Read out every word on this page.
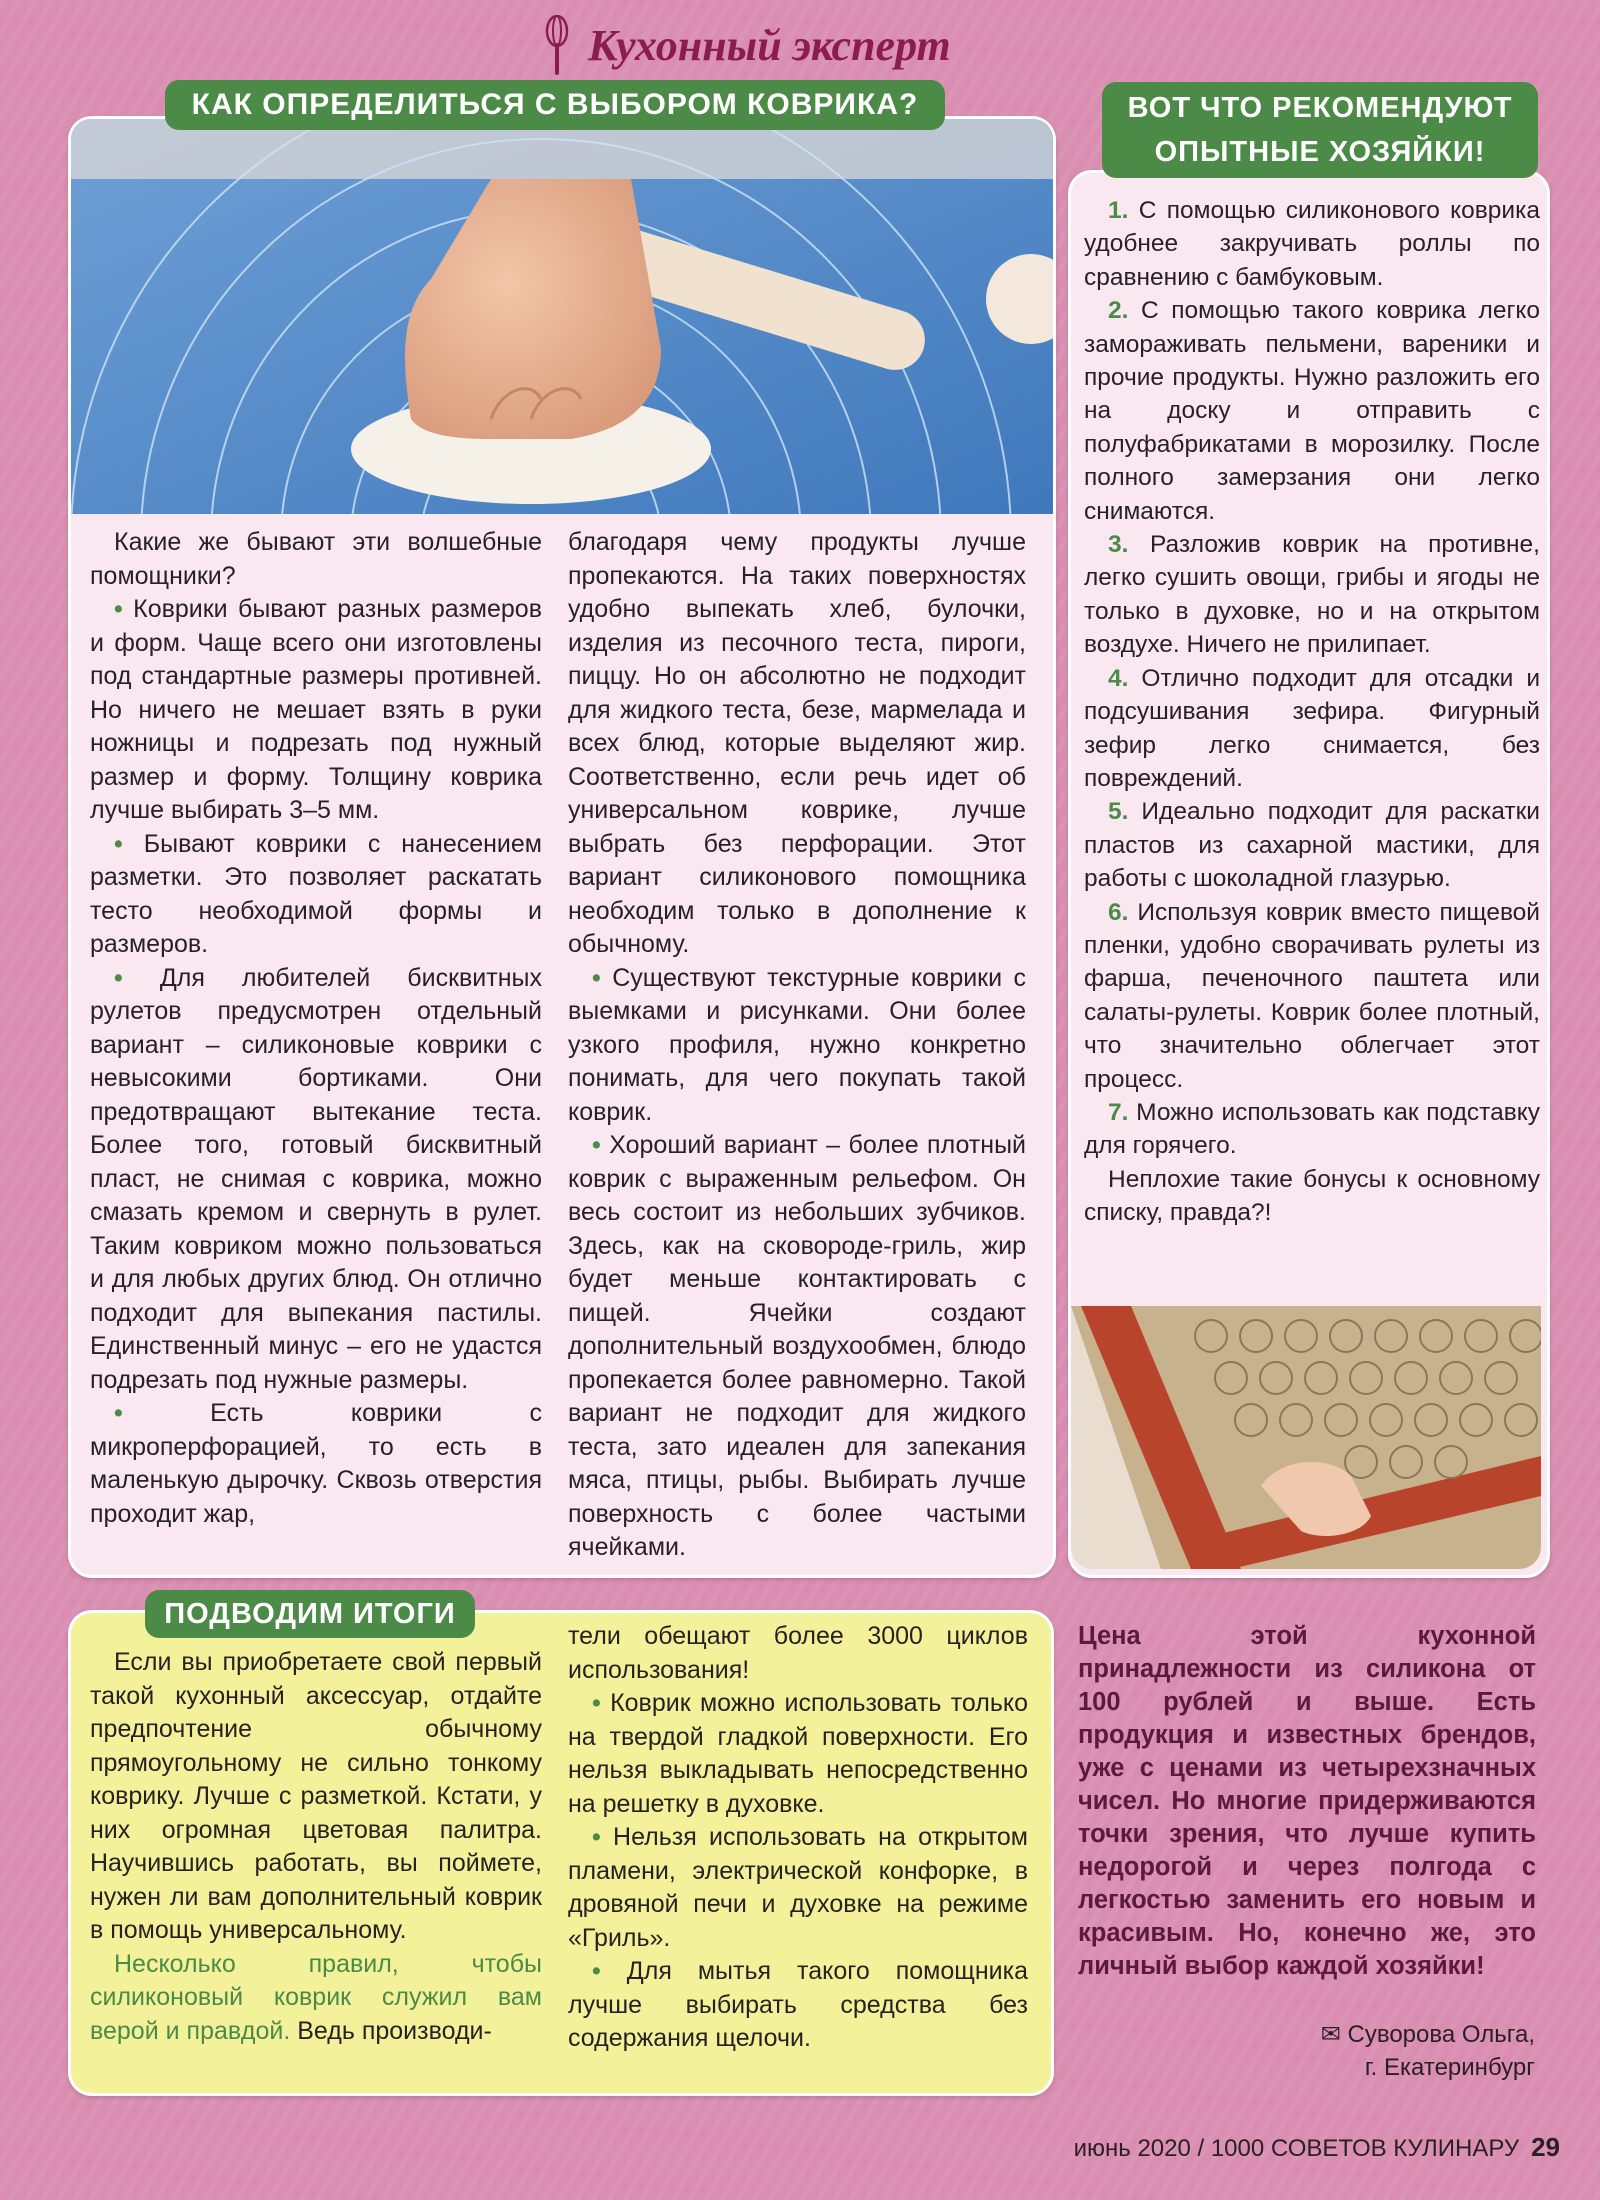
Кухонный эксперт
КАК ОПРЕДЕЛИТЬСЯ С ВЫБОРОМ КОВРИКА?

Какие же бывают эти волшебные помощники?

• Коврики бывают разных размеров и форм. Чаще всего они изготовлены под стандартные размеры противней. Но ничего не мешает взять в руки ножницы и подрезать под нужный размер и форму. Толщину коврика лучше выбирать 3–5 мм.

• Бывают коврики с нанесением разметки. Это позволяет раскатать тесто необходимой формы и размеров.

• Для любителей бисквитных рулетов предусмотрен отдельный вариант – силиконовые коврики с невысокими бортиками. Они предотвращают вытекание теста. Более того, готовый бисквитный пласт, не снимая с коврика, можно смазать кремом и свернуть в рулет. Таким ковриком можно пользоваться и для любых других блюд. Он отлично подходит для выпекания пастилы. Единственный минус – его не удастся подрезать под нужные размеры.

•	Есть коврики с микроперфорацией, то есть в маленькую дырочку. Сквозь отверстия проходит жар,

благодаря чему продукты лучше пропекаются. На таких поверхностях удобно выпекать хлеб, булочки, изделия из песочного теста, пироги, пиццу. Но он абсолютно не подходит для жидкого теста, безе, мармелада и всех блюд, которые выделяют жир. Соответственно, если речь идет об универсальном коврике, лучше выбрать без перфорации. Этот вариант силиконового помощника необходим только в дополнение к обычному.

• Существуют текстурные коврики с выемками и рисунками. Они более узкого профиля, нужно конкретно понимать, для чего покупать такой коврик.

• Хороший вариант – более плотный коврик с выраженным рельефом. Он весь состоит из небольших зубчиков. Здесь, как на сковороде-гриль, жир будет меньше контактировать с пищей. Ячейки создают дополнительный воздухообмен, блюдо пропекается более равномерно. Такой вариант не подходит для жидкого теста, зато идеален для запекания мяса, птицы, рыбы. Выбирать лучше поверхность с более частыми ячейками.

ВОТ ЧТО РЕКОМЕНДУЮТ
ОПЫТНЫЕ ХОЗЯЙКИ!

1. С помощью силиконового коврика удобнее закручивать роллы по сравнению с бамбуковым.

2. С помощью такого коврика легко замораживать пельмени, вареники и прочие продукты. Нужно разложить его на доску и отправить с полуфабрикатами в морозилку. После полного замерзания они легко снимаются.

3. Разложив коврик на противне, легко сушить овощи, грибы и ягоды не только в духовке, но и на открытом воздухе. Ничего не прилипает.

4. Отлично подходит для отсадки и подсушивания зефира. Фигурный зефир легко снимается, без повреждений.

5. Идеально подходит для раскатки пластов из сахарной мастики, для работы с шоколадной глазурью.

6. Используя коврик вместо пищевой пленки, удобно сворачивать рулеты из фарша, печеночного паштета или салаты-рулеты. Коврик более плотный, что значительно облегчает этот процесс.

7. Можно использовать как подставку для горячего.

Неплохие такие бонусы к основному списку, правда?!

ПОДВОДИМ ИТОГИ

Если вы приобретаете свой первый такой кухонный аксессуар, отдайте предпочтение обычному прямоугольному не сильно тонкому коврику. Лучше с разметкой. Кстати, у них огромная цветовая палитра. Научившись работать, вы поймете, нужен ли вам дополнительный коврик в помощь универсальному.

Несколько правил, чтобы силиконовый коврик служил вам верой и правдой. Ведь производи-

тели обещают более 3000 циклов использования!

• Коврик можно использовать только на твердой гладкой поверхности. Его нельзя выкладывать непосредственно на решетку в духовке.

• Нельзя использовать на открытом пламени, электрической конфорке, в дровяной печи и духовке на режиме «Гриль».

• Для мытья такого помощника лучше выбирать средства без содержания щелочи.

Цена этой кухонной принадлежности из силикона от 100 рублей и выше. Есть продукция и известных брендов, уже с ценами из четырехзначных чисел. Но многие придерживаются точки зрения, что лучше купить недорогой и через полгода с легкостью заменить его новым и красивым. Но, конечно же, это личный выбор каждой хозяйки!
✉ Суворова Ольга,
г. Екатеринбург
июнь 2020 / 1000 СОВЕТОВ КУЛИНАРУ 29
